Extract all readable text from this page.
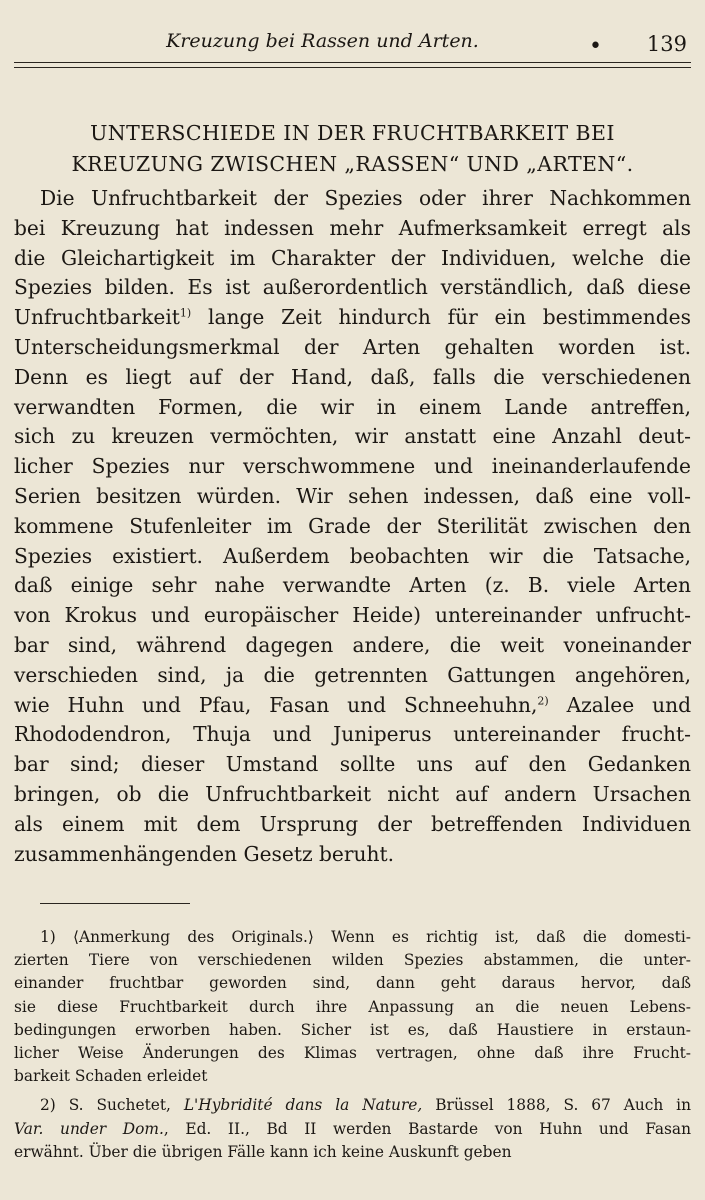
Kreuzung bei Rassen und Arten.	• 139
UNTERSCHIEDE IN DER FRUCHTBARKEIT BEI
KREUZUNG ZWISCHEN „RASSEN“ UND „ARTEN“.
Die Unfruchtbarkeit der Spezies oder ihrer Nachkommen
bei Kreuzung hat indessen mehr Aufmerksamkeit erregt als
die Gleichartigkeit im Charakter der Individuen, welche die
Spezies bilden. Es ist außerordentlich verständlich, daß diese
Unfruchtbarkeit$^{1)}$ lange Zeit hindurch für ein bestimmendes
Unterscheidungsmerkmal der Arten gehalten worden ist.
Denn es liegt auf der Hand, daß, falls die verschiedenen
verwandten Formen, die wir in einem Lande antreffen,
sich zu kreuzen vermöchten, wir anstatt eine Anzahl deut-
licher Spezies nur verschwommene und ineinanderlaufende
Serien besitzen würden. Wir sehen indessen, daß eine voll-
kommene Stufenleiter im Grade der Sterilität zwischen den
Spezies existiert. Außerdem beobachten wir die Tatsache,
daß einige sehr nahe verwandte Arten (z. B. viele Arten
von Krokus und europäischer Heide) untereinander unfrucht-
bar sind, während dagegen andere, die weit voneinander
verschieden sind, ja die getrennten Gattungen angehören,
wie Huhn und Pfau, Fasan und Schneehuhn,$^{2)}$ Azalee und
Rhododendron, Thuja und Juniperus untereinander frucht-
bar sind; dieser Umstand sollte uns auf den Gedanken
bringen, ob die Unfruchtbarkeit nicht auf andern Ursachen
als einem mit dem Ursprung der betreffenden Individuen
zusammenhängenden Gesetz beruht.
1) ⟨Anmerkung des Originals.⟩ Wenn es richtig ist, daß die domesti-
zierten Tiere von verschiedenen wilden Spezies abstammen, die unter-
einander fruchtbar geworden sind, dann geht daraus hervor, daß
sie diese Fruchtbarkeit durch ihre Anpassung an die neuen Lebens-
bedingungen erworben haben. Sicher ist es, daß Haustiere in erstaun-
licher Weise Änderungen des Klimas vertragen, ohne daß ihre Frucht-
barkeit Schaden erleidet
2) S. Suchetet, L'Hybridité dans la Nature, Brüssel 1888, S. 67 Auch in
Var. under Dom., Ed. II., Bd II werden Bastarde von Huhn und Fasan
erwähnt. Über die übrigen Fälle kann ich keine Auskunft geben
